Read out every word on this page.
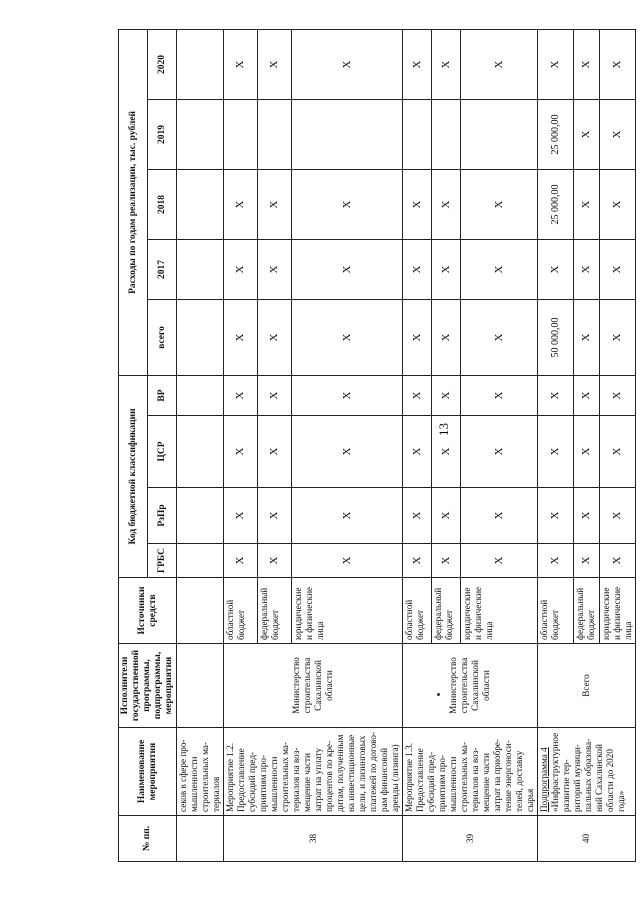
13
№ пп.	Наименование мероприятия	Исполнители государственной программы, подпрограммы, мероприятия	Источники средств	Код бюджетной классификации				Расходы по годам реализации, тыс. рублей				
				ГРБС	РзПр	ЦСР	ВР	всего	2017	2018	2019	2020
	секов в сфере промышленности строительных материалов											
38	Мероприятие 1.2. Предоставление субсидий предприятиям промышленности строительных материалов на возмещение части затрат на уплату процентов по кредитам, полученным на инвестиционные цели, и лизинговых платежей по договорам финансовой аренды (лизинга)	Министерство строительства Сахалинской области	областной бюджет	X	X	X	X	X	X	X		X
			федеральный бюджет	X	X	X	X	X	X	X		X
			юридические и физические лица	X	X	X	X	X	X	X		X
39	Мероприятие 1.3. Предоставление субсидий предприятиям промышленности строительных материалов на возмещение части затрат на приобретение энергоносителей, доставку сырья	Министерство строительства Сахалинской области	областной бюджет	X	X	X	X	X	X	X		X
			федеральный бюджет	X	X	X	X	X	X	X		X
			юридические и физические лица	X	X	X	X	X	X	X		X
40	Подпрограмма 4 «Инфраструктурное развитие территорий муниципальных образований Сахалинской области до 2020 года»	Всего	областной бюджет	X	X	X	X	50 000,00	X	25 000,00	25 000,00	X
			федеральный бюджет	X	X	X	X	X	X	X	X	X
			юридические и физические лица	X	X	X	X	X	X	X	X	X
